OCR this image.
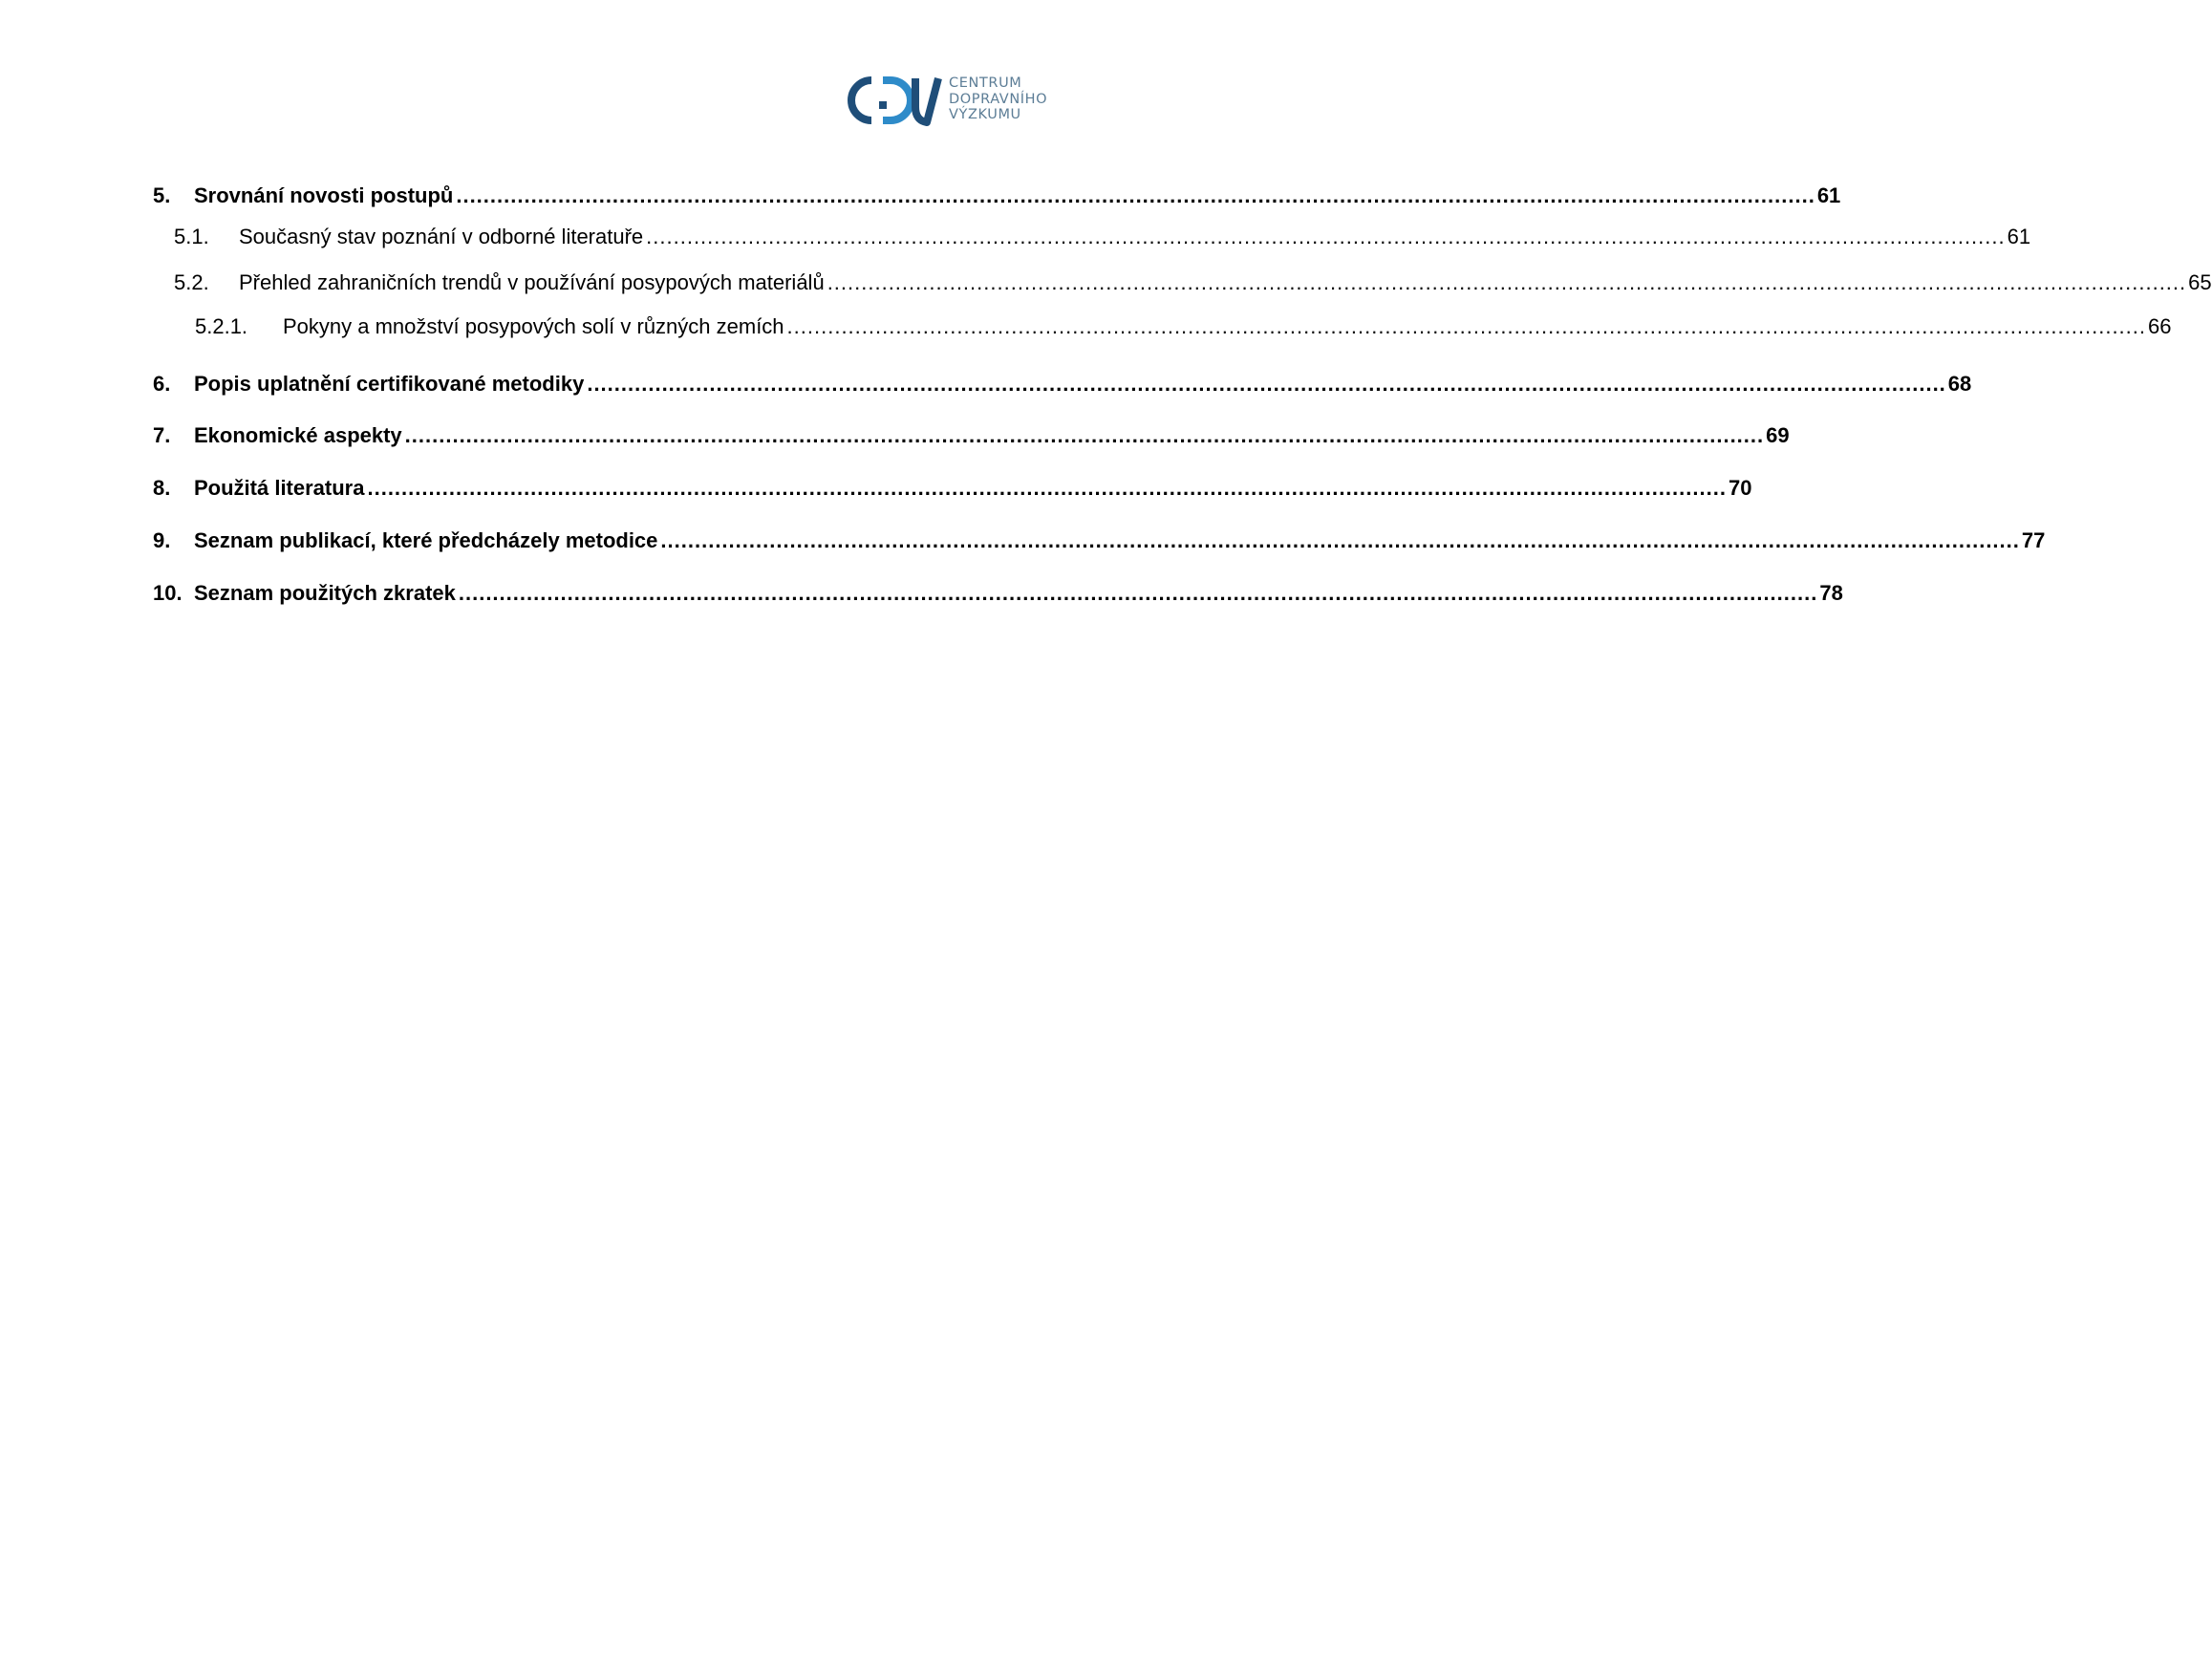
CENTRUM
DOPRAVNÍHO
VÝZKUMU
5. Srovnání novosti postupů ........................................................................................................................................................................................................ 61
5.1. Současný stav poznání v odborné literatuře ........................................................................................................................................................................................................ 61
5.2. Přehled zahraničních trendů v používání posypových materiálů ........................................................................................................................................................................................................ 65
5.2.1. Pokyny a množství posypových solí v různých zemích ........................................................................................................................................................................................................ 66
6. Popis uplatnění certifikované metodiky ........................................................................................................................................................................................................ 68
7. Ekonomické aspekty ........................................................................................................................................................................................................ 69
8. Použitá literatura ........................................................................................................................................................................................................ 70
9. Seznam publikací, které předcházely metodice ........................................................................................................................................................................................................ 77
10. Seznam použitých zkratek ........................................................................................................................................................................................................ 78
